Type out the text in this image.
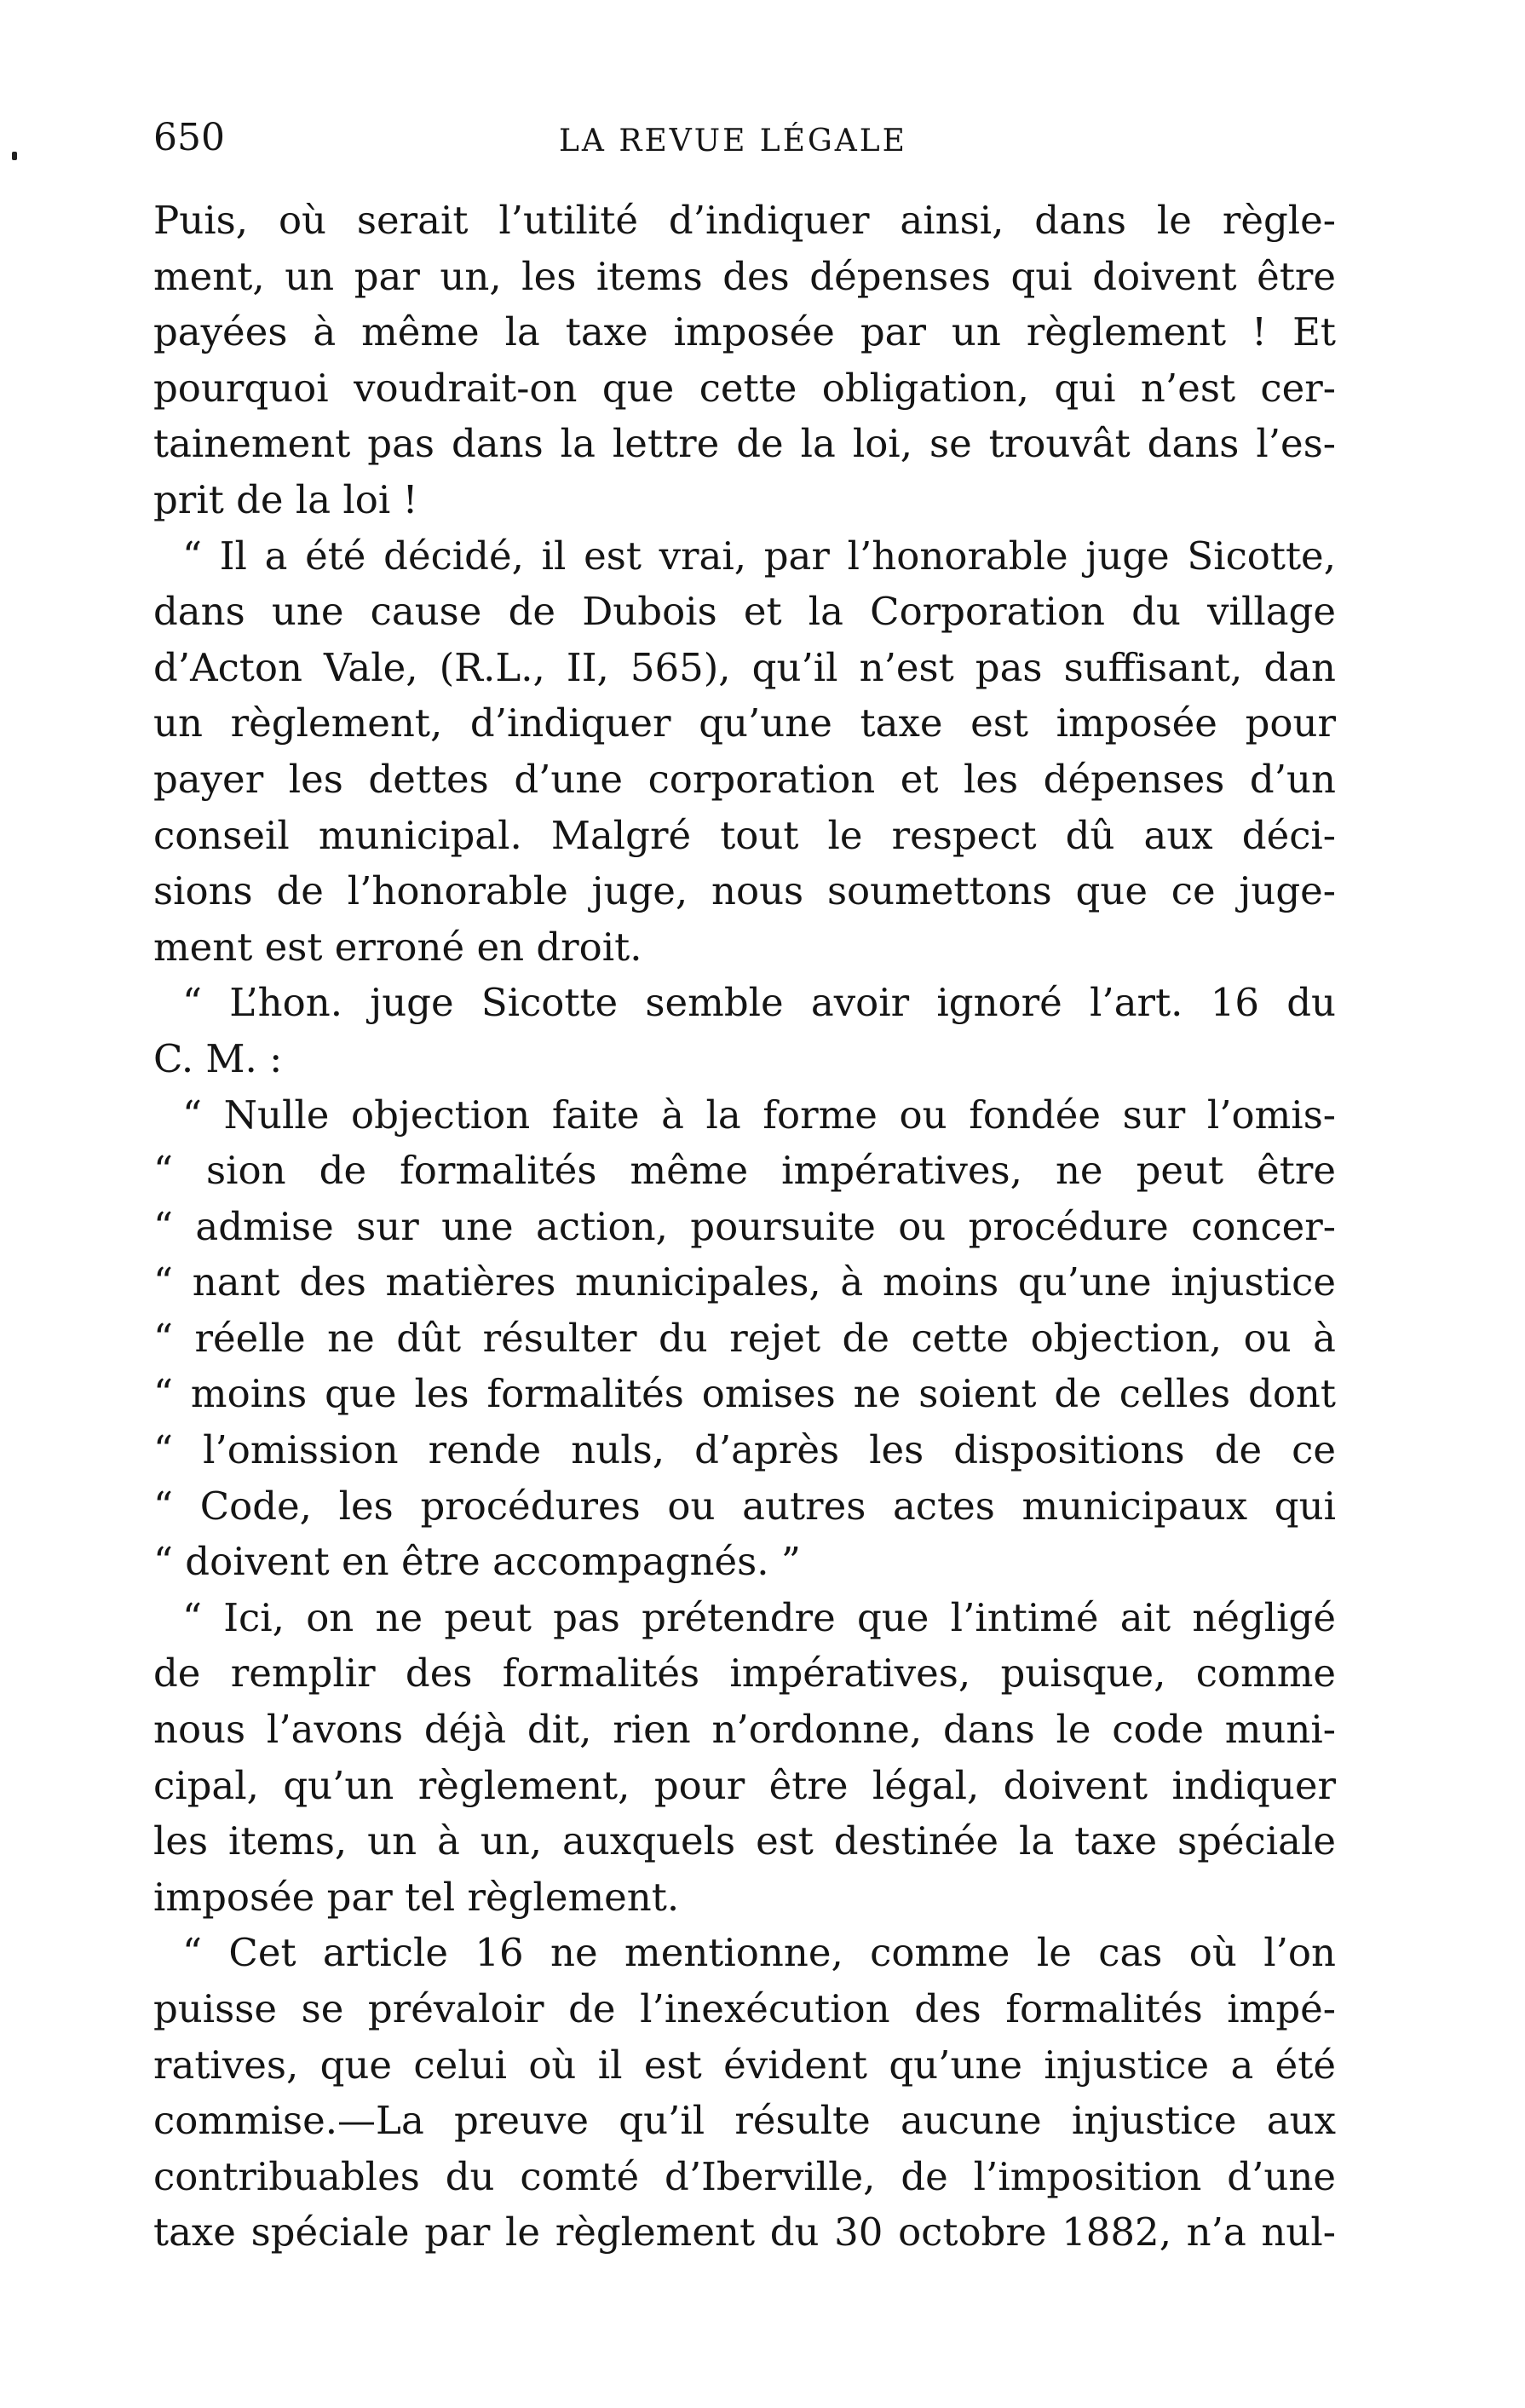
650	LA REVUE LÉGALE
Puis, où serait l’utilité d’indiquer ainsi, dans le règle-
ment, un par un, les items des dépenses qui doivent être
payées à même la taxe imposée par un règlement ! Et
pourquoi voudrait-on que cette obligation, qui n’est cer-
tainement pas dans la lettre de la loi, se trouvât dans l’es-
prit de la loi !
“ Il a été décidé, il est vrai, par l’honorable juge Sicotte,
dans une cause de Dubois et la Corporation du village
d’Acton Vale, (R.L., II, 565), qu’il n’est pas suffisant, dan
un règlement, d’indiquer qu’une taxe est imposée pour
payer les dettes d’une corporation et les dépenses d’un
conseil municipal. Malgré tout le respect dû aux déci-
sions de l’honorable juge, nous soumettons que ce juge-
ment est erroné en droit.
“ L’hon. juge Sicotte semble avoir ignoré l’art. 16 du
C. M. :
“ Nulle objection faite à la forme ou fondée sur l’omis-
“ sion de formalités même impératives, ne peut être
“ admise sur une action, poursuite ou procédure concer-
“ nant des matières municipales, à moins qu’une injustice
“ réelle ne dût résulter du rejet de cette objection, ou à
“ moins que les formalités omises ne soient de celles dont
“ l’omission rende nuls, d’après les dispositions de ce
“ Code, les procédures ou autres actes municipaux qui
“ doivent en être accompagnés. ”
“ Ici, on ne peut pas prétendre que l’intimé ait négligé
de remplir des formalités impératives, puisque, comme
nous l’avons déjà dit, rien n’ordonne, dans le code muni-
cipal, qu’un règlement, pour être légal, doivent indiquer
les items, un à un, auxquels est destinée la taxe spéciale
imposée par tel règlement.
“ Cet article 16 ne mentionne, comme le cas où l’on
puisse se prévaloir de l’inexécution des formalités impé-
ratives, que celui où il est évident qu’une injustice a été
commise.—La preuve qu’il résulte aucune injustice aux
contribuables du comté d’Iberville, de l’imposition d’une
taxe spéciale par le règlement du 30 octobre 1882, n’a nul-
